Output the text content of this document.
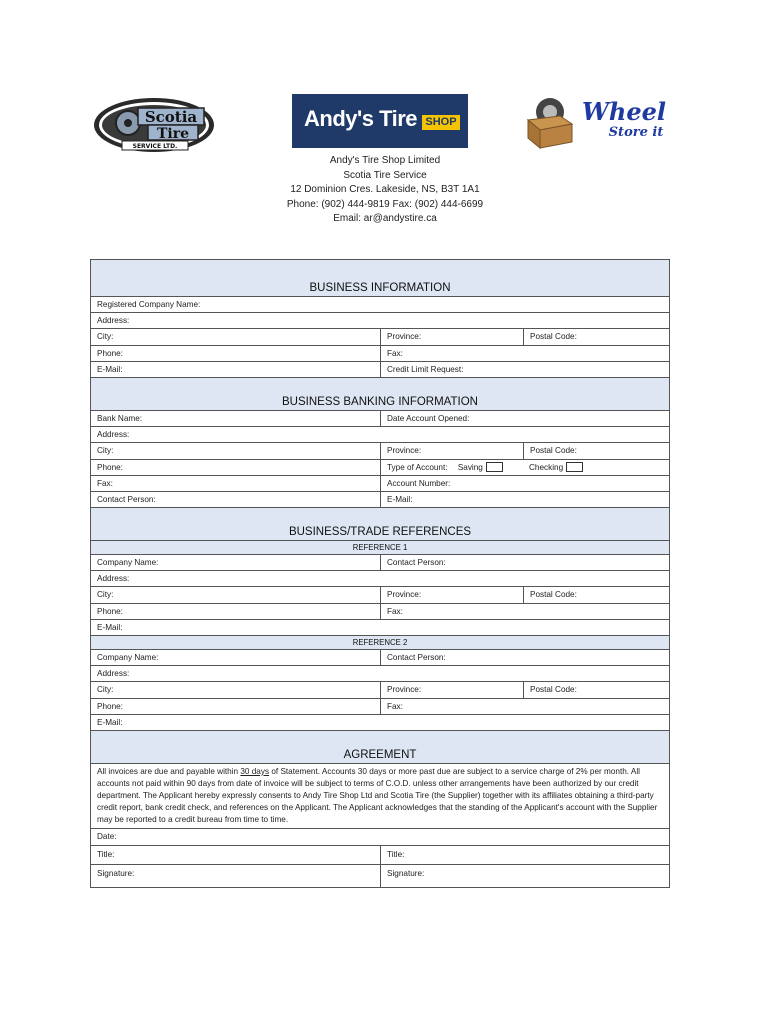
Scotia
Tire
SERVICE LTD.
Andy's Tire SHOP	Wheel
Store it
Andy's Tire Shop Limited
Scotia Tire Service
12 Dominion Cres. Lakeside, NS, B3T 1A1
Phone: (902) 444-9819 Fax: (902) 444-6699
Email: ar@andystire.ca
BUSINESS INFORMATION
Registered Company Name:
Address:
City:	Province:	Postal Code:
Phone:	Fax:
E-Mail:	Credit Limit Request:
BUSINESS BANKING INFORMATION
Bank Name:	Date Account Opened:
Address:
City:	Province:	Postal Code:
Phone:	Type of Account: Saving	Checking
Fax:	Account Number:
Contact Person:	E-Mail:
BUSINESS/TRADE REFERENCES
REFERENCE 1
Company Name:	Contact Person:
Address:
City:	Province:	Postal Code:
Phone:	Fax:
E-Mail:
REFERENCE 2
Company Name:	Contact Person:
Address:
City:	Province:	Postal Code:
Phone:	Fax:
E-Mail:
AGREEMENT
All invoices are due and payable within 30 days of Statement. Accounts 30 days or more past due are subject to a service charge of 2% per month. All accounts not paid within 90 days from date of invoice will be subject to terms of C.O.D. unless other arrangements have been authorized by our credit department. The Applicant hereby expressly consents to Andy Tire Shop Ltd and Scotia Tire (the Supplier) together with its affiliates obtaining a third-party credit report, bank credit check, and references on the Applicant. The Applicant acknowledges that the standing of the Applicant's account with the Supplier may be reported to a credit bureau from time to time.
Date:
Title:	Title:
Signature:	Signature:
